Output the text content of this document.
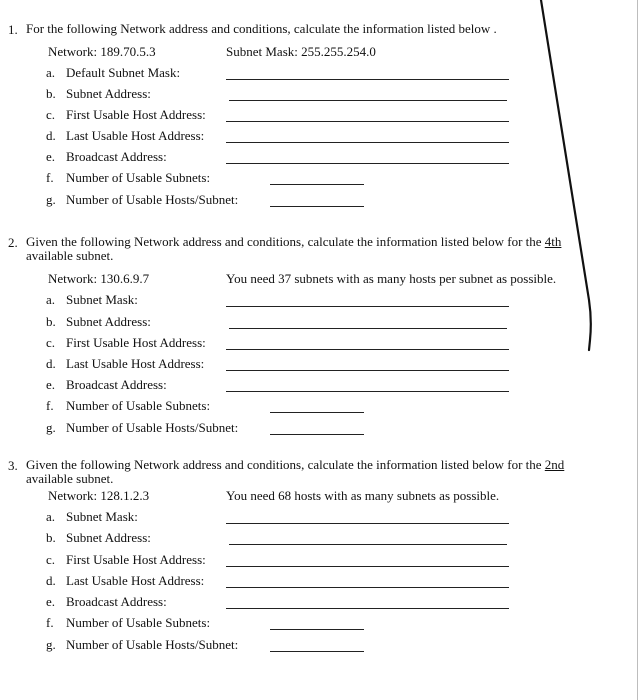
1. For the following Network address and conditions, calculate the information listed below .
Network: 189.70.5.3	Subnet Mask: 255.255.254.0
a. Default Subnet Mask:
b. Subnet Address:
c. First Usable Host Address:
d. Last Usable Host Address:
e. Broadcast Address:
f. Number of Usable Subnets:
g. Number of Usable Hosts/Subnet:
2. Given the following Network address and conditions, calculate the information listed below for the 4th
available subnet.
Network: 130.6.9.7	You need 37 subnets with as many hosts per subnet as possible.
a. Subnet Mask:
b. Subnet Address:
c. First Usable Host Address:
d. Last Usable Host Address:
e. Broadcast Address:
f. Number of Usable Subnets:
g. Number of Usable Hosts/Subnet:
3. Given the following Network address and conditions, calculate the information listed below for the 2nd
available subnet.
Network: 128.1.2.3	You need 68 hosts with as many subnets as possible.
a. Subnet Mask:
b. Subnet Address:
c. First Usable Host Address:
d. Last Usable Host Address:
e. Broadcast Address:
f. Number of Usable Subnets:
g. Number of Usable Hosts/Subnet:
